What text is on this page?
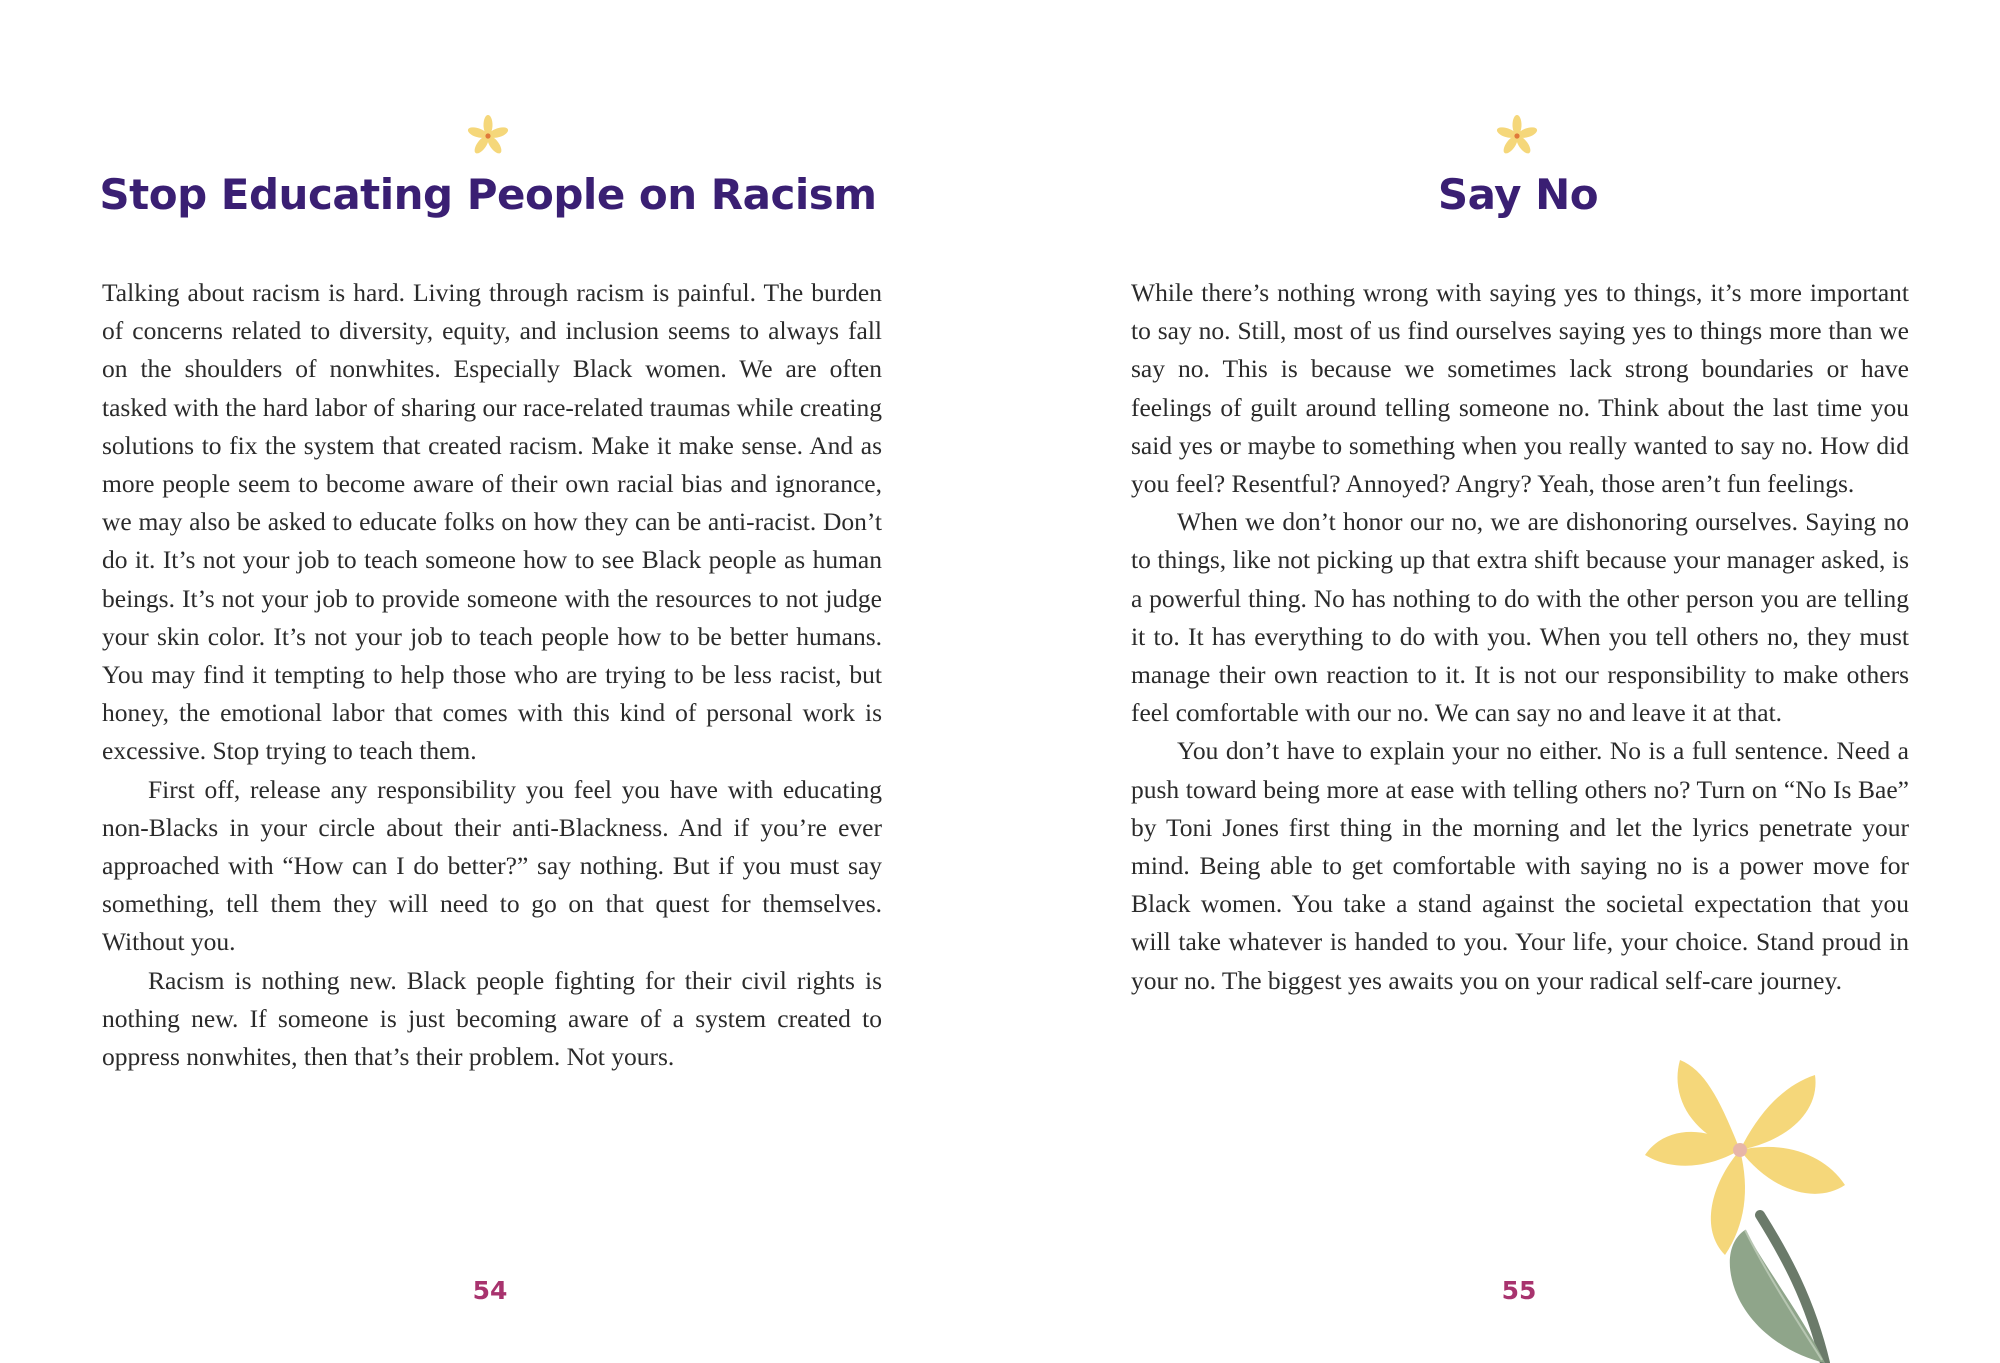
Stop Educating People on Racism

Talking about racism is hard. Living through racism is painful. The burden of concerns related to diversity, equity, and inclusion seems to always fall on the shoulders of nonwhites. Especially Black women. We are often tasked with the hard labor of sharing our race-related traumas while creating solutions to fix the system that created racism. Make it make sense. And as more people seem to become aware of their own racial bias and ignorance, we may also be asked to educate folks on how they can be anti-racist. Don’t do it. It’s not your job to teach someone how to see Black people as human beings. It’s not your job to provide someone with the resources to not judge your skin color. It’s not your job to teach people how to be better humans. You may find it tempting to help those who are trying to be less racist, but honey, the emotional labor that comes with this kind of personal work is excessive. Stop trying to teach them.

First off, release any responsibility you feel you have with educating non-Blacks in your circle about their anti-Blackness. And if you’re ever approached with “How can I do better?” say nothing. But if you must say something, tell them they will need to go on that quest for themselves. Without you.

Racism is nothing new. Black people fighting for their civil rights is nothing new. If someone is just becoming aware of a system created to oppress nonwhites, then that’s their problem. Not yours.

54
Say No

While there’s nothing wrong with saying yes to things, it’s more important to say no. Still, most of us find ourselves saying yes to things more than we say no. This is because we sometimes lack strong boundaries or have feelings of guilt around telling someone no. Think about the last time you said yes or maybe to something when you really wanted to say no. How did you feel? Resentful? Annoyed? Angry? Yeah, those aren’t fun feelings.

When we don’t honor our no, we are dishonoring ourselves. Saying no to things, like not picking up that extra shift because your manager asked, is a powerful thing. No has nothing to do with the other person you are telling it to. It has everything to do with you. When you tell others no, they must manage their own reaction to it. It is not our responsibility to make others feel comfortable with our no. We can say no and leave it at that.

You don’t have to explain your no either. No is a full sentence. Need a push toward being more at ease with telling others no? Turn on “No Is Bae” by Toni Jones first thing in the morning and let the lyrics penetrate your mind. Being able to get comfortable with saying no is a power move for Black women. You take a stand against the societal expectation that you will take whatever is handed to you. Your life, your choice. Stand proud in your no. The biggest yes awaits you on your radical self-care journey.

55
